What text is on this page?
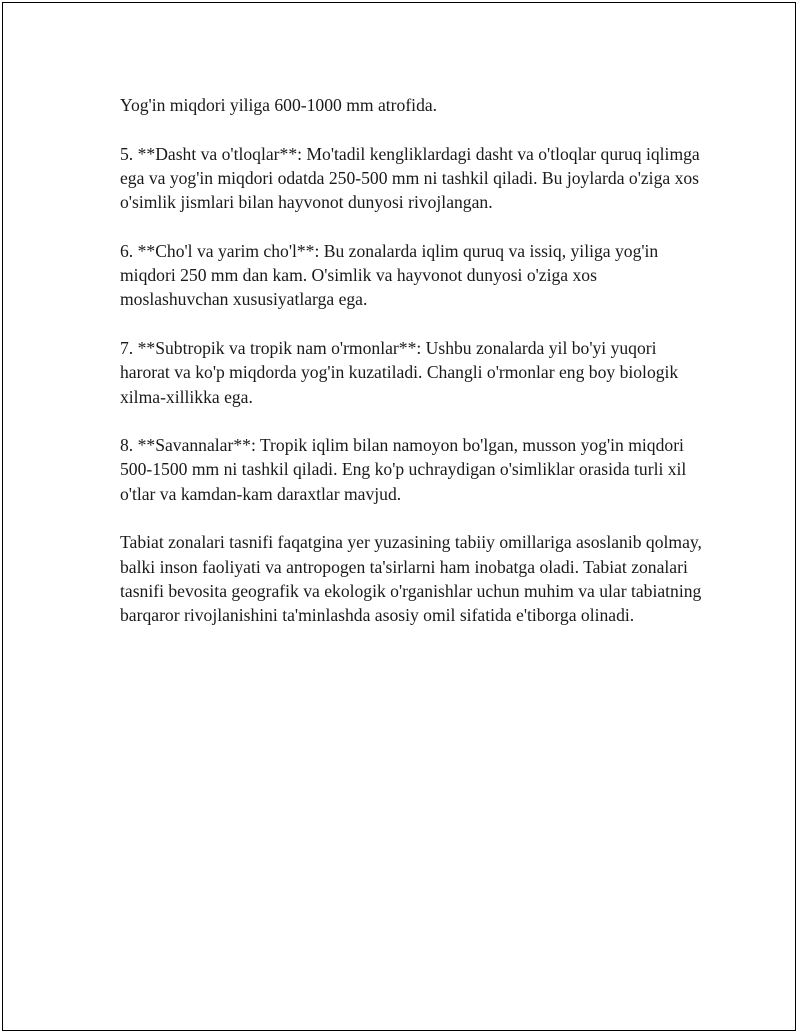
Yog'in miqdori yiliga 600-1000 mm atrofida.

5. **Dasht va o'tloqlar**: Mo'tadil kengliklardagi dasht va o'tloqlar quruq iqlimga ega va yog'in miqdori odatda 250-500 mm ni tashkil qiladi. Bu joylarda o'ziga xos o'simlik jismlari bilan hayvonot dunyosi rivojlangan.

6. **Cho'l va yarim cho'l**: Bu zonalarda iqlim quruq va issiq, yiliga yog'in miqdori 250 mm dan kam. O'simlik va hayvonot dunyosi o'ziga xos moslashuvchan xususiyatlarga ega.

7. **Subtropik va tropik nam o'rmonlar**: Ushbu zonalarda yil bo'yi yuqori harorat va ko'p miqdorda yog'in kuzatiladi. Changli o'rmonlar eng boy biologik xilma-xillikka ega.

8. **Savannalar**: Tropik iqlim bilan namoyon bo'lgan, musson yog'in miqdori 500-1500 mm ni tashkil qiladi. Eng ko'p uchraydigan o'simliklar orasida turli xil o'tlar va kamdan-kam daraxtlar mavjud.

Tabiat zonalari tasnifi faqatgina yer yuzasining tabiiy omillariga asoslanib qolmay, balki inson faoliyati va antropogen ta'sirlarni ham inobatga oladi. Tabiat zonalari tasnifi bevosita geografik va ekologik o'rganishlar uchun muhim va ular tabiatning barqaror rivojlanishini ta'minlashda asosiy omil sifatida e'tiborga olinadi.
